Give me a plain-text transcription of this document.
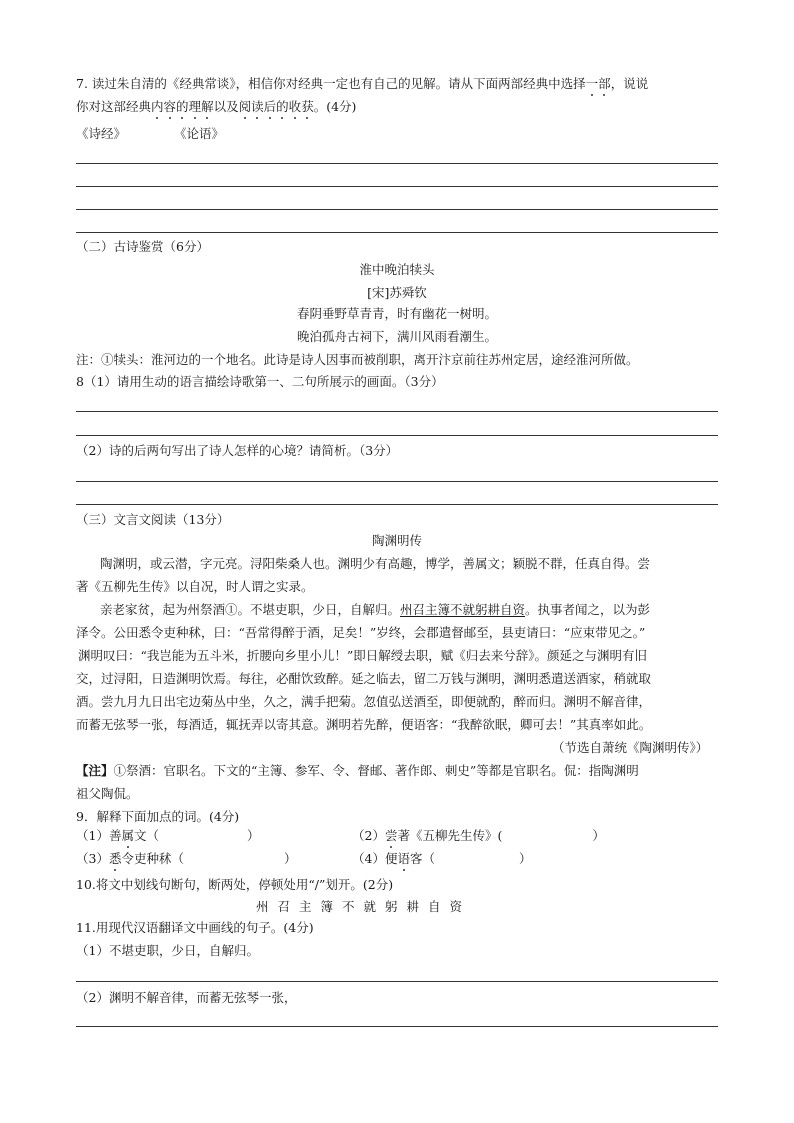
7. 读过朱自清的《经典常谈》，相信你对经典一定也有自己的见解。请从下面两部经典中选择一部，说说
你对这部经典内容的理解以及阅读后的收获。(4分)
《诗经》	《论语》
（二）古诗鉴赏（6分）
淮中晚泊犊头
[宋]苏舜钦
春阴垂野草青青，时有幽花一树明。
晚泊孤舟古祠下，满川风雨看潮生。
注：①犊头：淮河边的一个地名。此诗是诗人因事而被削职，离开汴京前往苏州定居，途经淮河所做。
8（1）请用生动的语言描绘诗歌第一、二句所展示的画面。（3分）
（2）诗的后两句写出了诗人怎样的心境？请简析。（3分）
（三）文言文阅读（13分）
陶渊明传
陶渊明，或云潜，字元亮。浔阳柴桑人也。渊明少有高趣，博学，善属文；颖脱不群，任真自得。尝
著《五柳先生传》以自况，时人谓之实录。
亲老家贫，起为州祭酒①。不堪吏职，少日，自解归。州召主簿不就躬耕自资。执事者闻之，以为彭
泽令。公田悉令吏种秫，曰：“吾常得醉于酒，足矣！”岁终，会郡遣督邮至，县吏请曰：“应束带见之。”
渊明叹曰：“我岂能为五斗米，折腰向乡里小儿！”即日解绶去职，赋《归去来兮辞》。颜延之与渊明有旧
交，过浔阳，日造渊明饮焉。每往，必酣饮致醉。延之临去，留二万钱与渊明，渊明悉遣送酒家，稍就取
酒。尝九月九日出宅边菊丛中坐，久之，满手把菊。忽值弘送酒至，即便就酌，醉而归。渊明不解音律，
而蓄无弦琴一张，每酒适，辄抚弄以寄其意。渊明若先醉，便语客：“我醉欲眠，卿可去！”其真率如此。
（节选自萧统《陶渊明传》）
【注】①祭酒：官职名。下文的“主簿、参军、令、督邮、著作郎、刺史”等都是官职名。侃：指陶渊明
祖父陶侃。
9．解释下面加点的词。(4分)
（1）善属文（	）	（2）尝著《五柳先生传》(	）
（3）悉令吏种秫（	）	（4）便语客（	）
10.将文中划线句断句，断两处，停顿处用“/”划开。(2分)
州召主簿不就躬耕自资
11.用现代汉语翻译文中画线的句子。(4分)
（1）不堪吏职，少日，自解归。
（2）渊明不解音律，而蓄无弦琴一张，
